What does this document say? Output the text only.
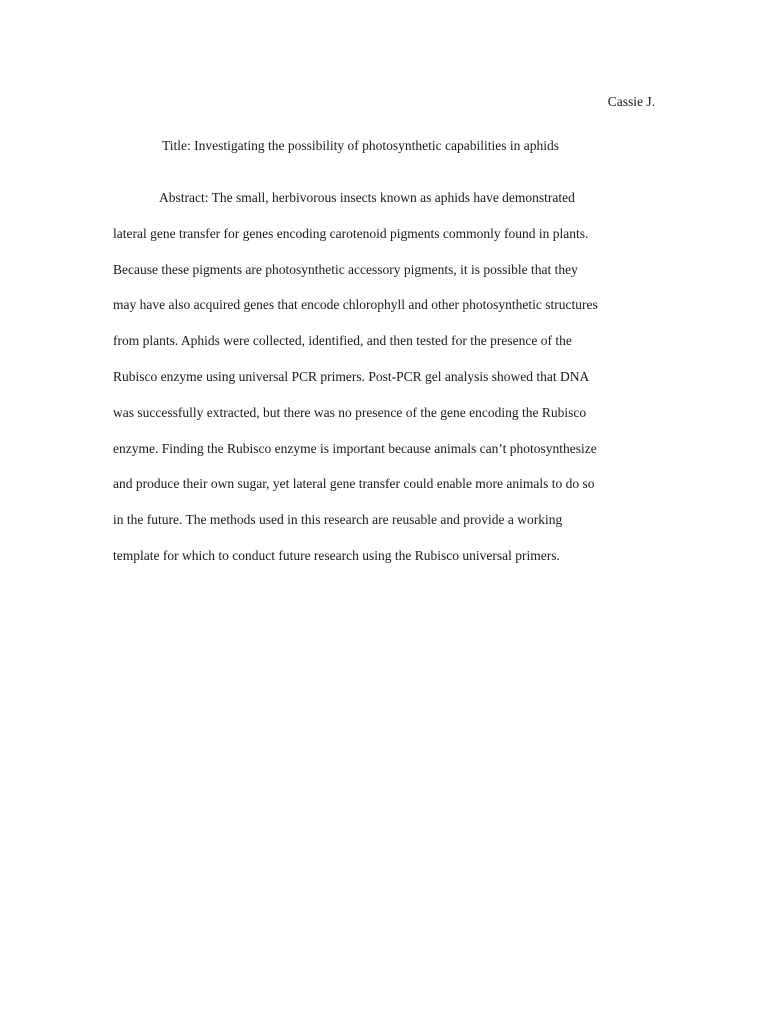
Cassie J.
Title: Investigating the possibility of photosynthetic capabilities in aphids

Abstract: The small, herbivorous insects known as aphids have demonstrated
lateral gene transfer for genes encoding carotenoid pigments commonly found in plants.
Because these pigments are photosynthetic accessory pigments, it is possible that they
may have also acquired genes that encode chlorophyll and other photosynthetic structures
from plants. Aphids were collected, identified, and then tested for the presence of the
Rubisco enzyme using universal PCR primers. Post-PCR gel analysis showed that DNA
was successfully extracted, but there was no presence of the gene encoding the Rubisco
enzyme. Finding the Rubisco enzyme is important because animals can’t photosynthesize
and produce their own sugar, yet lateral gene transfer could enable more animals to do so
in the future. The methods used in this research are reusable and provide a working
template for which to conduct future research using the Rubisco universal primers.
